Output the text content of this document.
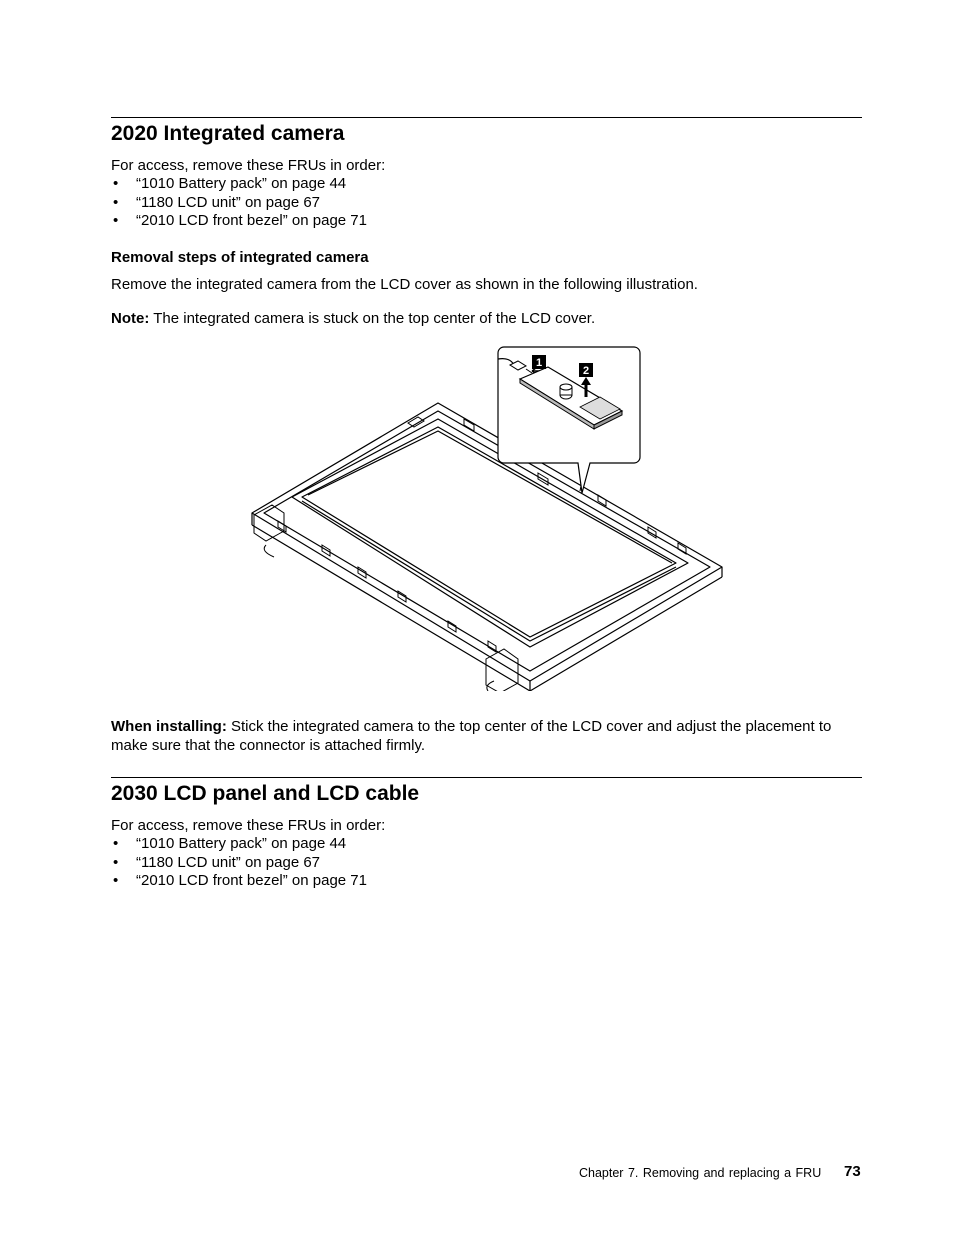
2020 Integrated camera

For access, remove these FRUs in order:

• “1010 Battery pack” on page 44
• “1180 LCD unit” on page 67
• “2010 LCD front bezel” on page 71
Removal steps of integrated camera

Remove the integrated camera from the LCD cover as shown in the following illustration.

Note: The integrated camera is stuck on the top center of the LCD cover.

1
2

When installing: Stick the integrated camera to the top center of the LCD cover and adjust the placement to make sure that the connector is attached firmly.

2030 LCD panel and LCD cable

For access, remove these FRUs in order:

• “1010 Battery pack” on page 44
• “1180 LCD unit” on page 67
• “2010 LCD front bezel” on page 71
Chapter 7. Removing and replacing a FRU 73
